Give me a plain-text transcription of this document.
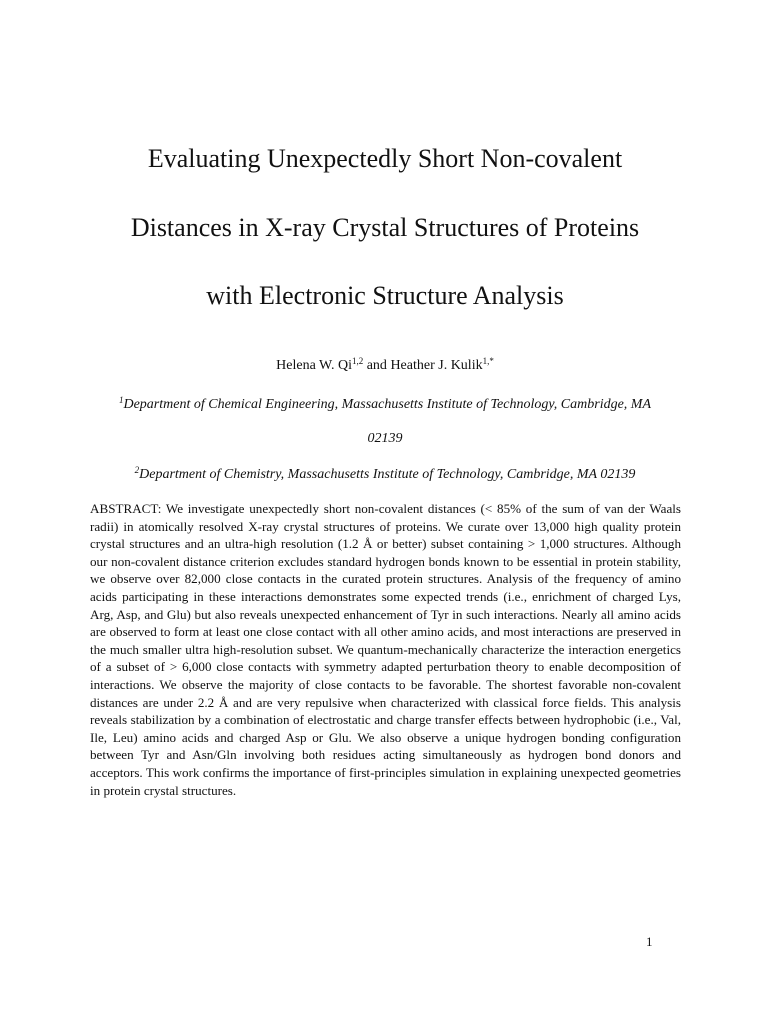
Evaluating Unexpectedly Short Non-covalent
Distances in X-ray Crystal Structures of Proteins
with Electronic Structure Analysis
Helena W. Qi$^{1,2}$ and Heather J. Kulik$^{1,*}$
$^1$Department of Chemical Engineering, Massachusetts Institute of Technology, Cambridge, MA
02139
$^2$Department of Chemistry, Massachusetts Institute of Technology, Cambridge, MA 02139

ABSTRACT: We investigate unexpectedly short non-covalent distances (< 85% of the sum of van der Waals radii) in atomically resolved X-ray crystal structures of proteins. We curate over 13,000 high quality protein crystal structures and an ultra-high resolution (1.2 Å or better) subset containing > 1,000 structures. Although our non-covalent distance criterion excludes standard hydrogen bonds known to be essential in protein stability, we observe over 82,000 close contacts in the curated protein structures. Analysis of the frequency of amino acids participating in these interactions demonstrates some expected trends (i.e., enrichment of charged Lys, Arg, Asp, and Glu) but also reveals unexpected enhancement of Tyr in such interactions. Nearly all amino acids are observed to form at least one close contact with all other amino acids, and most interactions are preserved in the much smaller ultra high-resolution subset. We quantum-mechanically characterize the interaction energetics of a subset of > 6,000 close contacts with symmetry adapted perturbation theory to enable decomposition of interactions. We observe the majority of close contacts to be favorable. The shortest favorable non-covalent distances are under 2.2 Å and are very repulsive when characterized with classical force fields. This analysis reveals stabilization by a combination of electrostatic and charge transfer effects between hydrophobic (i.e., Val, Ile, Leu) amino acids and charged Asp or Glu. We also observe a unique hydrogen bonding configuration between Tyr and Asn/Gln involving both residues acting simultaneously as hydrogen bond donors and acceptors. This work confirms the importance of first-principles simulation in explaining unexpected geometries in protein crystal structures.

1
